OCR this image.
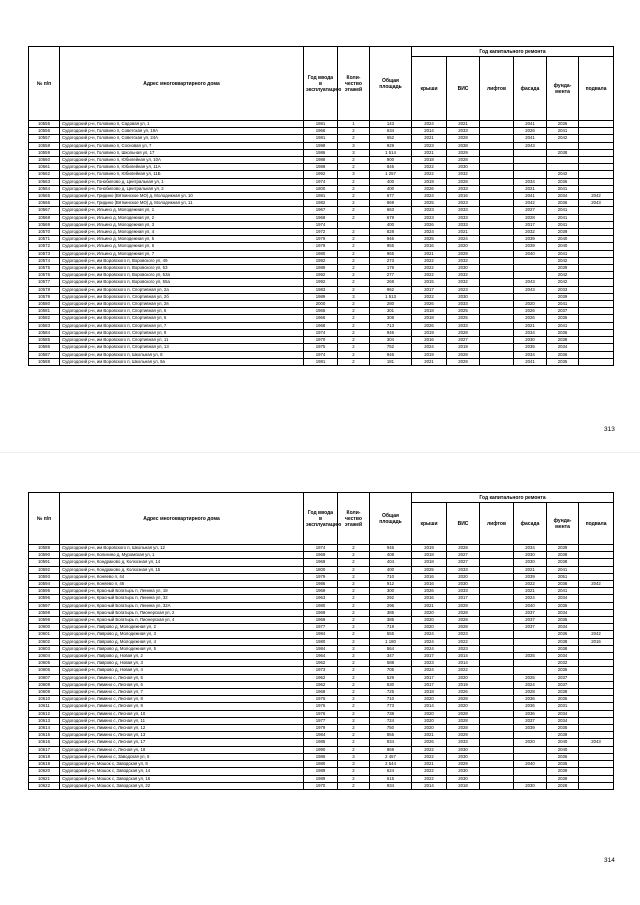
№ п/п	Адрес многоквартирного дома	Год ввода в эксплуатацию	Коли-чество этажей	Общая площадь	Год капитального ремонта					
					крыши	ВИС	лифтов	фасада	фунда-мента	подвала
10555	Судогодский р-н, Головино п, Садовая ул, 1	1981	1	143	2024	2021		2041	2036	
10556	Судогодский р-н, Головино п, Советская ул, 19А	1966	2	634	2014	2033		2026	2041	
10557	Судогодский р-н, Головино п, Советская ул, 24А	1981	2	652	2021	2028		2041	2042	
10558	Судогодский р-н, Головино п, Сосновая ул, 7	1998	3	929	2023	2038		2043		
10559	Судогодский р-н, Головино п, Школьная ул, 17	1986	3	1 514	2021	2029			2038	
10560	Судогодский р-н, Головино п, Юбилейная ул, 10А	1988	2	900	2018	2028				
10561	Судогодский р-н, Головино п, Юбилейная ул, 11А	1988	2	845	2022	2030				
10562	Судогодский р-н, Головино п, Юбилейная ул, 11Б	1992	3	1 257	2022	2032			2042	
10563	Судогодский р-н, Гонобилово д, Центральная ул, 1	1974	2	400	2019	2028		2034	2036	
10564	Судогодский р-н, Гонобилово д, Центральная ул, 2	1800	2	400	2026	2033		2021	2041	
10565	Судогодский р-н, Гридино (Вяткинское МО) д, Молодежная ул, 10	1981	2	677	2024	2016		2041	2034	2042
10566	Судогодский р-н, Гридино (Вяткинское МО) д, Молодежная ул, 11	1982	2	869	2025	2023		2042	2036	2043
10567	Судогодский р-н, Ильино д, Молодежная ул, 1	1967	2	663	2023	2033		2027	2041	
10568	Судогодский р-н, Ильино д, Молодежная ул, 2	1968	2	679	2023	2033		2028	2041	
10569	Судогодский р-н, Ильино д, Молодежная ул, 3	1974		400	2026	2033		2017	2041	
10570	Судогодский р-н, Ильино д, Молодежная ул, 4	1972	2	828	2024	2021		2032	2039	
10571	Судогодский р-н, Ильино д, Молодежная ул, 5	1979	2	946	2025	2024		2039	2040	
10572	Судогодский р-н, Ильино д, Молодежная ул, 6	1979	2	955	2016	2020		2039	2040	
10573	Судогодский р-н, Ильино д, Молодежная ул, 7	1980	2	965	2021	2029		2040	2041	
10574	Судогодский р-н, им Воровского п, Воровского ул, 49	1992	2	273	2022	2032			2042	
10575	Судогодский р-н, им Воровского п, Воровского ул, 53	1989	2	179	2022	2030			2039	
10576	Судогодский р-н, им Воровского п, Воровского ул, 53а	1992	2	277	2022	2032			2042	
10577	Судогодский р-н, им Воровского п, Воровского ул, 55а	1992	2	268	2015	2032		2043	2042	
10578	Судогодский р-н, им Воровского п, Спортивная ул, 2а	1983	2	962	2017	2023		2043	2033	
10579	Судогодский р-н, им Воровского п, Спортивная ул, 2б	1989	3	1 513	2022	2030			2039	
10580	Судогодский р-н, им Воровского п, Спортивная ул, 2в	2000	2	280	2026	2033		2020	2041	
10581	Судогодский р-н, им Воровского п, Спортивная ул, 5	1965	2	301	2018	2025		2026	2037	
10582	Судогодский р-н, им Воровского п, Спортивная ул, 6	1966	2	308	2018	2025		2026	2035	
10583	Судогодский р-н, им Воровского п, Спортивная ул, 7	1968	2	713	2026	2033		2021	2041	
10584	Судогодский р-н, им Воровского п, Спортивная ул, 9	1974	2	946	2019	2028		2034	2036	
10585	Судогодский р-н, им Воровского п, Спортивная ул, 11	1970	2	304	2016	2027		2030	2038	
10586	Судогодский р-н, им Воровского п, Спортивная ул, 13	1975	2	752	2024	2019		2035	2034	
10587	Судогодский р-н, им Воровского п, Школьная ул, 8	1974	2	946	2019	2028		2034	2036	
10588	Судогодский р-н, им Воровского п, Школьная ул, 9а	1981	2	181	2021	2029		2041	2035	
313
№ п/п	Адрес многоквартирного дома	Год ввода в эксплуатацию	Коли-чество этажей	Общая площадь	Год капитального ремонта					
					крыши	ВИС	лифтов	фасада	фунда-мента	подвала
10589	Судогодский р-н, им Воровского п, Школьная ул, 12	1974	2	946	2019	2028		2034	2039	
10590	Судогодский р-н, Кольчино д, Муромская ул, 1	1969	2	408	2018	2027		2030	2038	
10591	Судогодский р-н, Кондраково д, Колхозная ул, 14	1969	2	404	2018	2027		2030	2038	
10592	Судогодский р-н, Кондраково д, Колхозная ул, 15	1800	2	400	2025	2033		2021	2041	
10593	Судогодский р-н, Коняево п, 44	1979	2	710	2016	2020		2039	2051	
10594	Судогодский р-н, Коняево п, 46	1986	2	912	2016	2030		2022	2036	2042
10595	Судогодский р-н, Красный Богатырь п, Ленина ул, 18	1969	2	300	2026	2033		2021	2041	
10596	Судогодский р-н, Красный Богатырь п, Ленина ул, 32	1963	2	292	2016	2017		2024	2034	
10597	Судогодский р-н, Красный Богатырь п, Ленина ул, 32А	1980	2	296	2021	2029		2040	2035	
10598	Судогодский р-н, Красный Богатырь п, Пионерская ул, 2	1969	2	385	2020	2028		2037	2034	
10599	Судогодский р-н, Красный Богатырь п, Пионерская ул, 4	1969	2	385	2020	2028		2037	2035	
10600	Судогодский р-н, Лаврово д, Молодежная ул, 2	1977	2	719	2020	2028		2037	2034	
10601	Судогодский р-н, Лаврово д, Молодежная ул, 3	1984	2	555	2024	2023			2036	2042
10602	Судогодский р-н, Лаврово д, Молодежная ул, 4	1980	2	1 180	2024	2022			2038	2016
10603	Судогодский р-н, Лаврово д, Молодежная ул, 5	1984	2	564	2024	2023			2038	
10604	Судогодский р-н, Лаврово д, Новая ул, 2	1964	2	347	2017	2014		2025	2034	
10605	Судогодский р-н, Лаврово д, Новая ул, 3	1962	2	588	2023	2014			2032	
10606	Судогодский р-н, Лаврово д, Новая ул, 4	1973	2	705	2024	2022			2035	
10607	Судогодский р-н, Лимино с, Лесная ул, 5	1962	2	529	2017	2020		2025	2037	
10608	Судогодский р-н, Лимино с, Лесная ул, 6	1962	2	530	2017	2019		2024	2037	
10609	Судогодский р-н, Лимино с, Лесная ул, 7	1968	2	725	2018	2026		2028	2038	
10610	Судогодский р-н, Лимино с, Лесная ул, 8	1976	2	710	2020	2028		2036	2035	
10611	Судогодский р-н, Лимино с, Лесная ул, 9	1976	2	773	2014	2020		2036	2031	
10612	Судогодский р-н, Лимино с, Лесная ул, 10	1976	2	738	2020	2028		2036	2034	
10613	Судогодский р-н, Лимино с, Лесная ул, 11	1977	2	724	2020	2028		2037	2034	
10614	Судогодский р-н, Лимино с, Лесная ул, 12	1979	2	750	2020	2028		2039	2035	
10615	Судогодский р-н, Лимино с, Лесная ул, 13	1984	2	855	2021	2029			2039	
10616	Судогодский р-н, Лимино с, Лесная ул, 17	1985	2	834	2026	2033		2020	2040	2043
10617	Судогодский р-н, Лимино с, Лесная ул, 18	1990	2	869	2022	2030			2040	
10618	Судогодский р-н, Лимино с, Заводская ул, 6	1986	3	2 457	2022	2030			2036	
10619	Судогодский р-н, Мошок с, Заводская ул, 8	1980	3	2 544	2021	2029		2040	2035	
10620	Судогодский р-н, Мошок с, Заводская ул, 14	1989	2	624	2022	2030			2039	
10621	Судогодский р-н, Мошок с, Заводская ул, 16	1989	2	615	2022	2030			2039	
10622	Судогодский р-н, Мошок с, Заводская ул, 22	1970	2	934	2014	2018		2030	2028	
314
